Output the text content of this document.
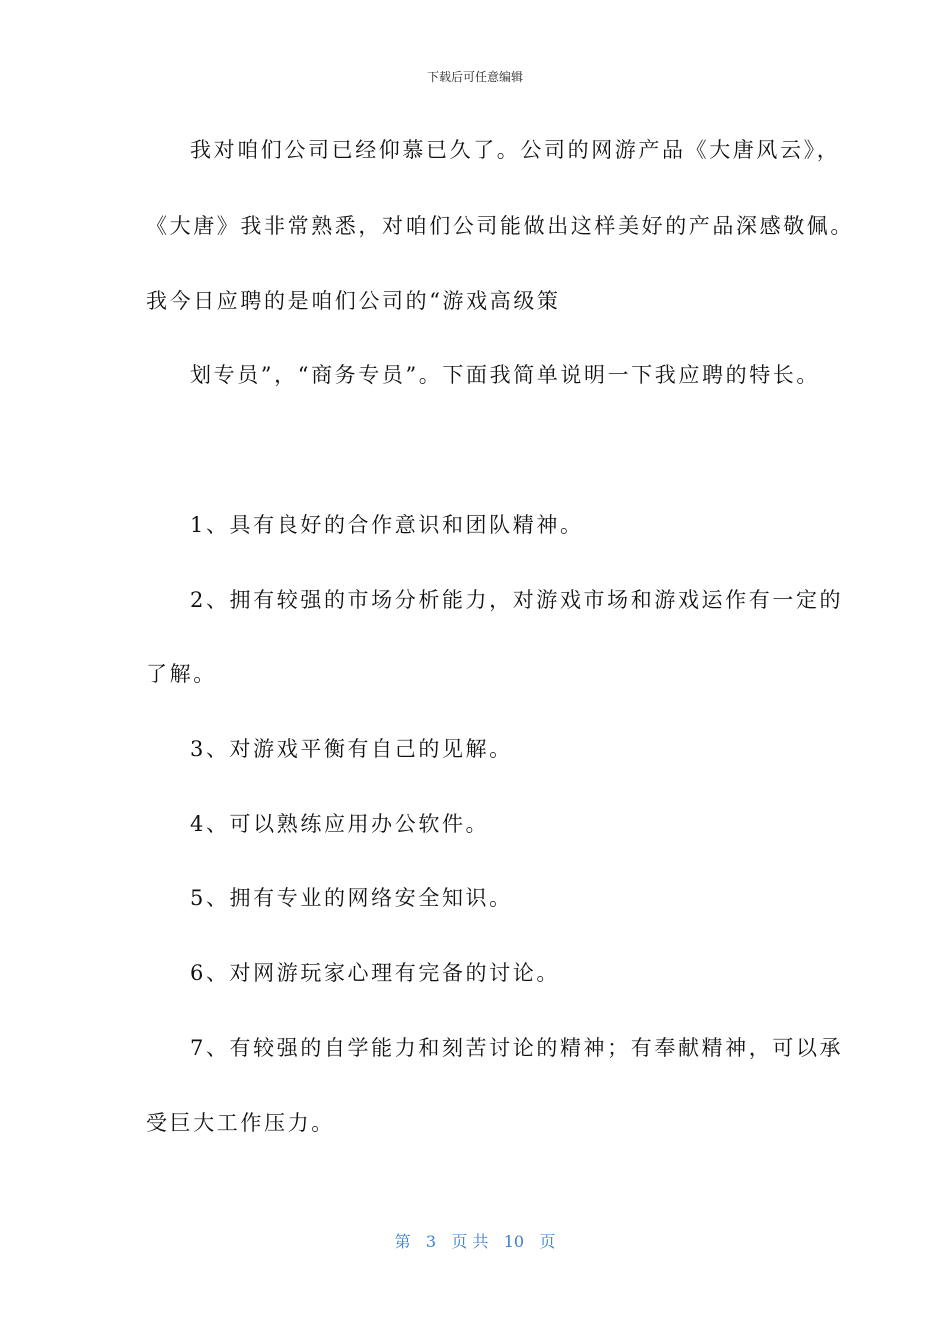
下载后可任意编辑
我对咱们公司已经仰慕已久了。公司的网游产品《大唐风云》，
《大唐》我非常熟悉，对咱们公司能做出这样美好的产品深感敬佩。
我今日应聘的是咱们公司的“游戏高级策
划专员”，“商务专员”。下面我简单说明一下我应聘的特长。
1、具有良好的合作意识和团队精神。
2、拥有较强的市场分析能力，对游戏市场和游戏运作有一定的
了解。
3、对游戏平衡有自己的见解。
4、可以熟练应用办公软件。
5、拥有专业的网络安全知识。
6、对网游玩家心理有完备的讨论。
7、有较强的自学能力和刻苦讨论的精神；有奉献精神，可以承
受巨大工作压力。
第 3 页 共 10 页
